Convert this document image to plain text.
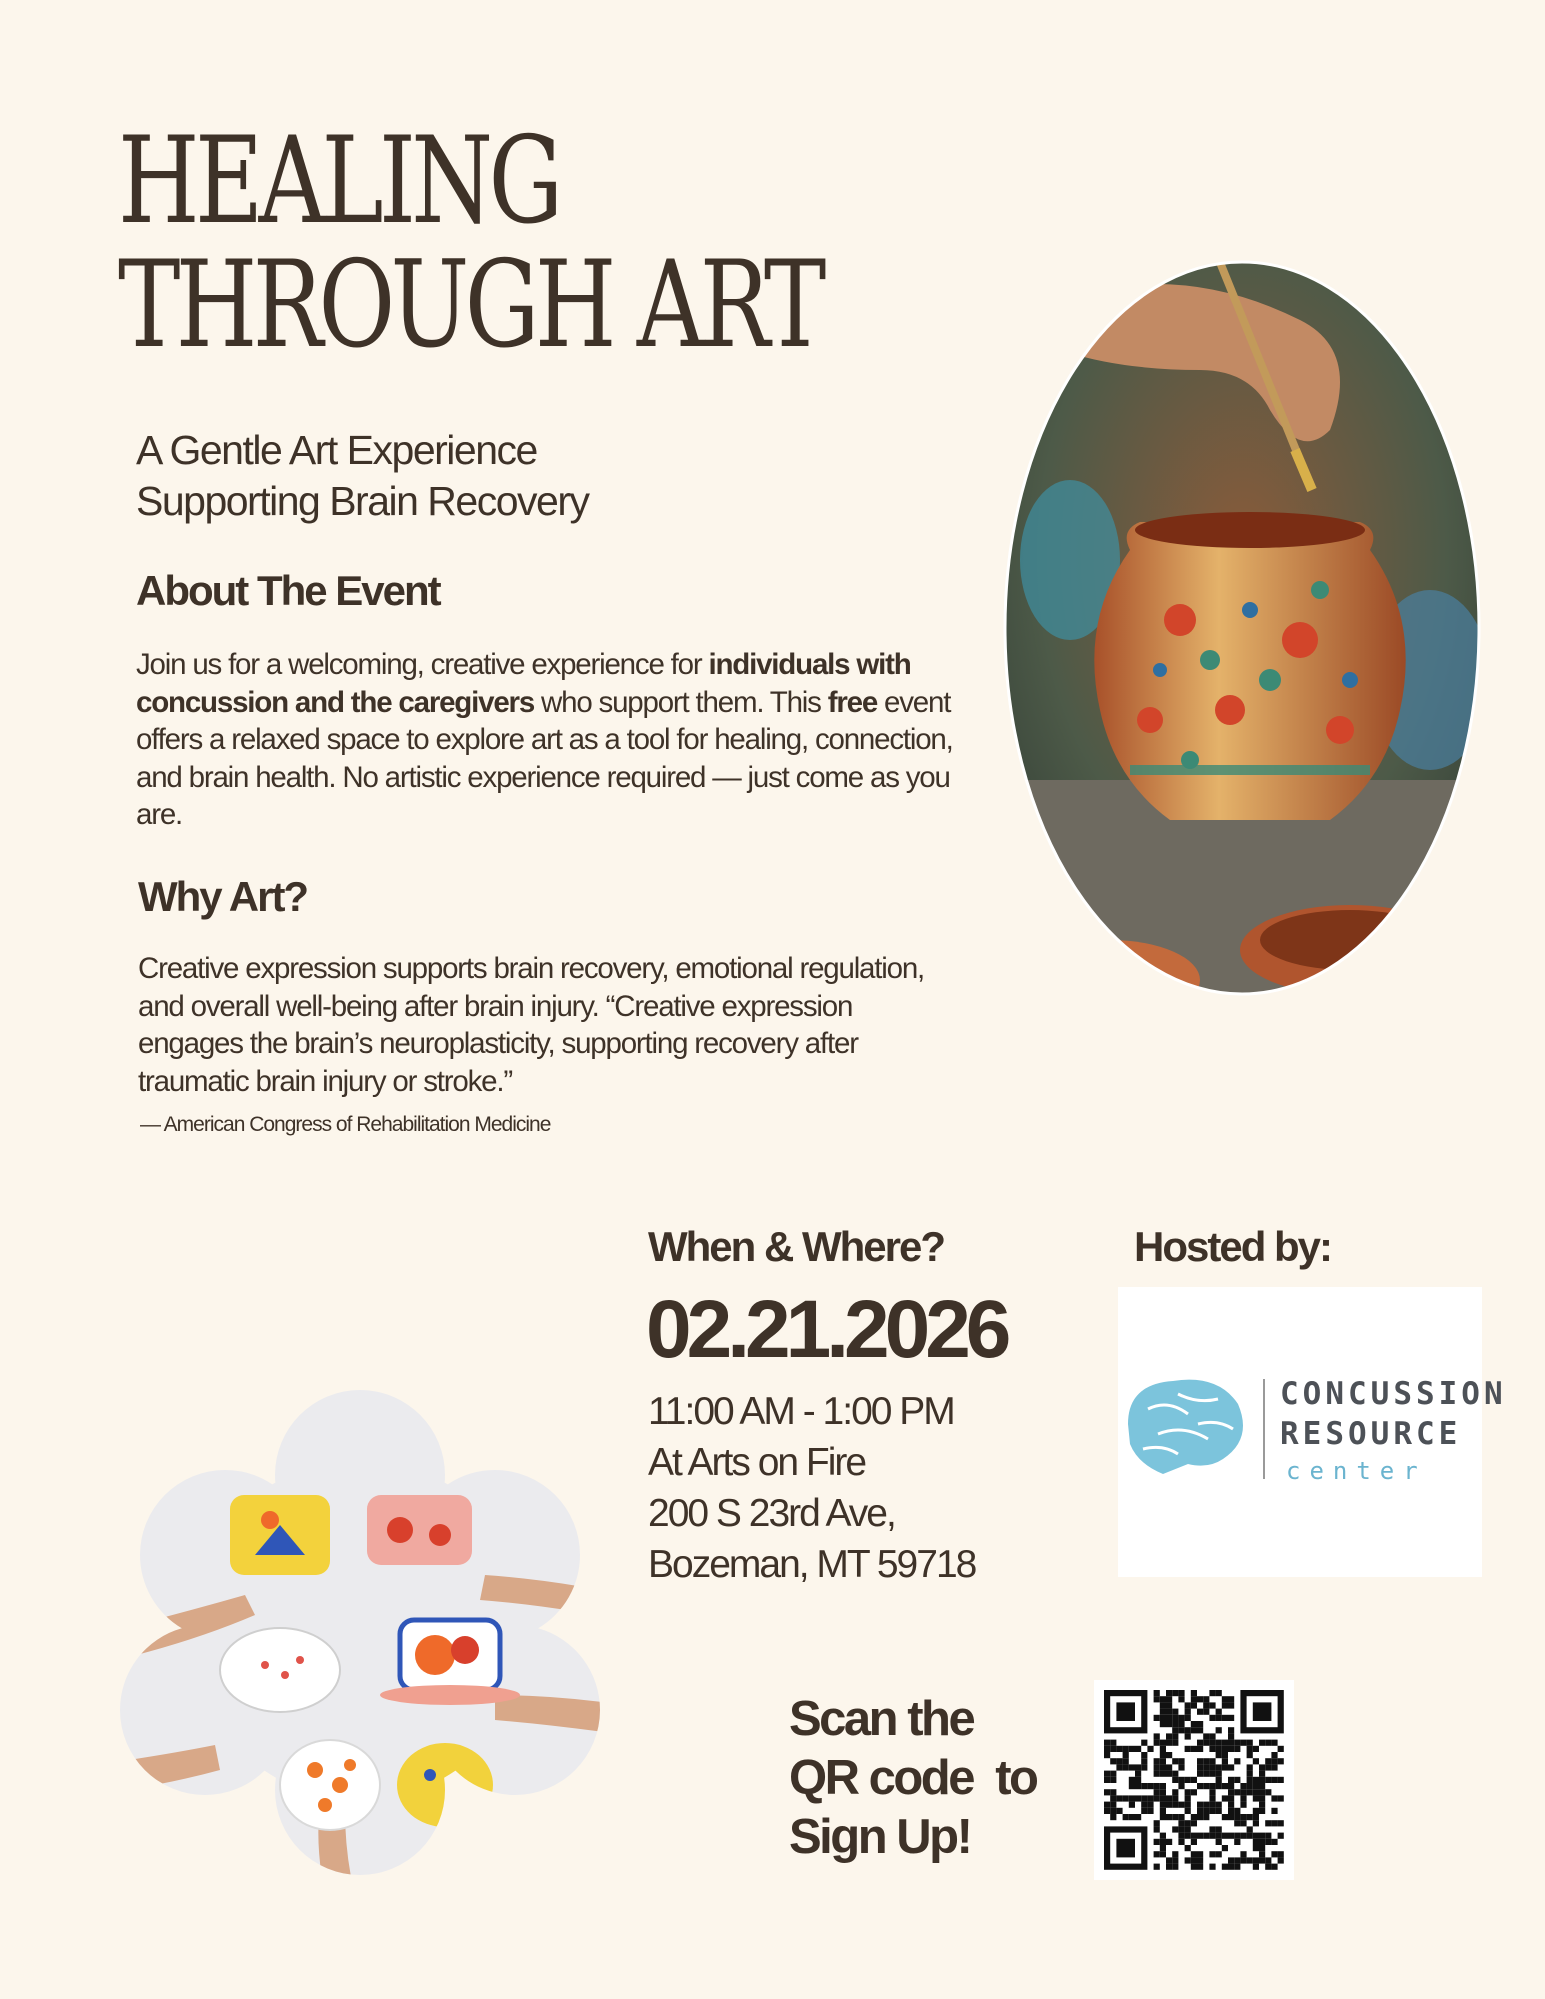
HEALING
THROUGH ART
A Gentle Art Experience
Supporting Brain Recovery
About The Event
Join us for a welcoming, creative experience for individuals with concussion and the caregivers who support them. This free event offers a relaxed space to explore art as a tool for healing, connection, and brain health. No artistic experience required — just come as you are.
Why Art?
Creative expression supports brain recovery, emotional regulation, and overall well-being after brain injury. “Creative expression engages the brain’s neuroplasticity, supporting recovery after traumatic brain injury or stroke.”
— American Congress of Rehabilitation Medicine
When & Where?
02.21.2026
11:00 AM - 1:00 PM
At Arts on Fire
200 S 23rd Ave,
Bozeman, MT 59718
Hosted by:
CONCUSSION
RESOURCE
center
Scan the
QR code  to
Sign Up!
